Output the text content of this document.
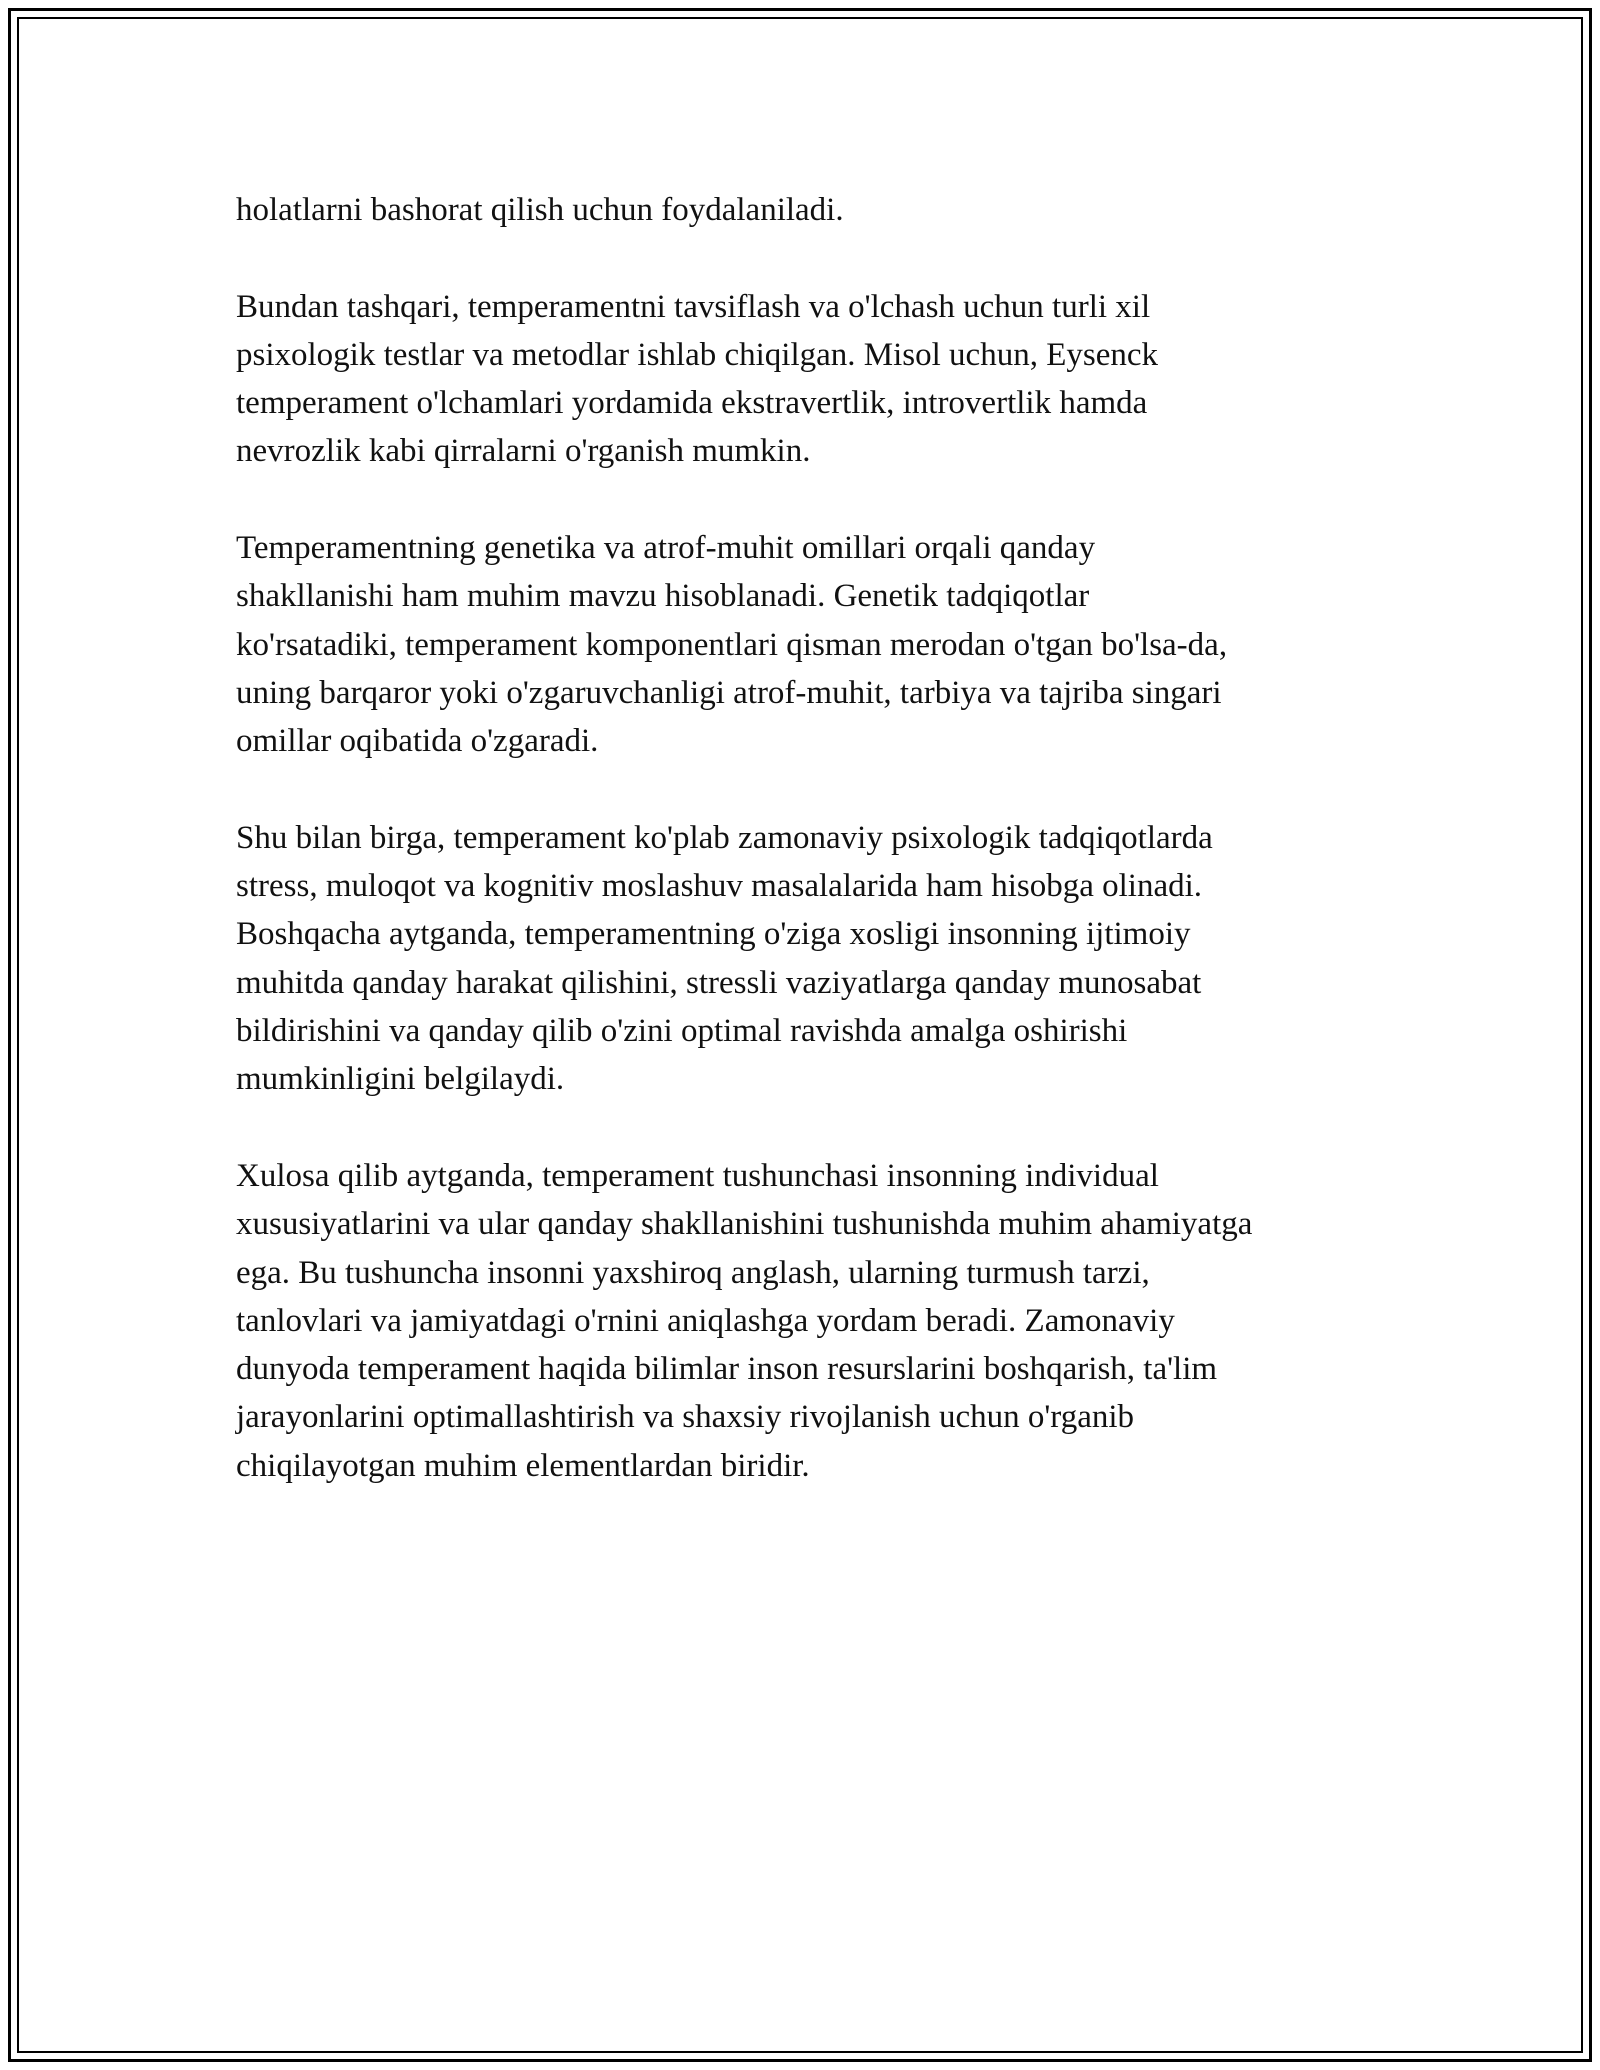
holatlarni bashorat qilish uchun foydalaniladi.

Bundan tashqari, temperamentni tavsiflash va o'lchash uchun turli xil
psixologik testlar va metodlar ishlab chiqilgan. Misol uchun, Eysenck
temperament o'lchamlari yordamida ekstravertlik, introvertlik hamda
nevrozlik kabi qirralarni o'rganish mumkin.

Temperamentning genetika va atrof-muhit omillari orqali qanday
shakllanishi ham muhim mavzu hisoblanadi. Genetik tadqiqotlar
ko'rsatadiki, temperament komponentlari qisman merodan o'tgan bo'lsa-da,
uning barqaror yoki o'zgaruvchanligi atrof-muhit, tarbiya va tajriba singari
omillar oqibatida o'zgaradi.

Shu bilan birga, temperament ko'plab zamonaviy psixologik tadqiqotlarda
stress, muloqot va kognitiv moslashuv masalalarida ham hisobga olinadi.
Boshqacha aytganda, temperamentning o'ziga xosligi insonning ijtimoiy
muhitda qanday harakat qilishini, stressli vaziyatlarga qanday munosabat
bildirishini va qanday qilib o'zini optimal ravishda amalga oshirishi
mumkinligini belgilaydi.

Xulosa qilib aytganda, temperament tushunchasi insonning individual
xususiyatlarini va ular qanday shakllanishini tushunishda muhim ahamiyatga
ega. Bu tushuncha insonni yaxshiroq anglash, ularning turmush tarzi,
tanlovlari va jamiyatdagi o'rnini aniqlashga yordam beradi. Zamonaviy
dunyoda temperament haqida bilimlar inson resurslarini boshqarish, ta'lim
jarayonlarini optimallashtirish va shaxsiy rivojlanish uchun o'rganib
chiqilayotgan muhim elementlardan biridir.
